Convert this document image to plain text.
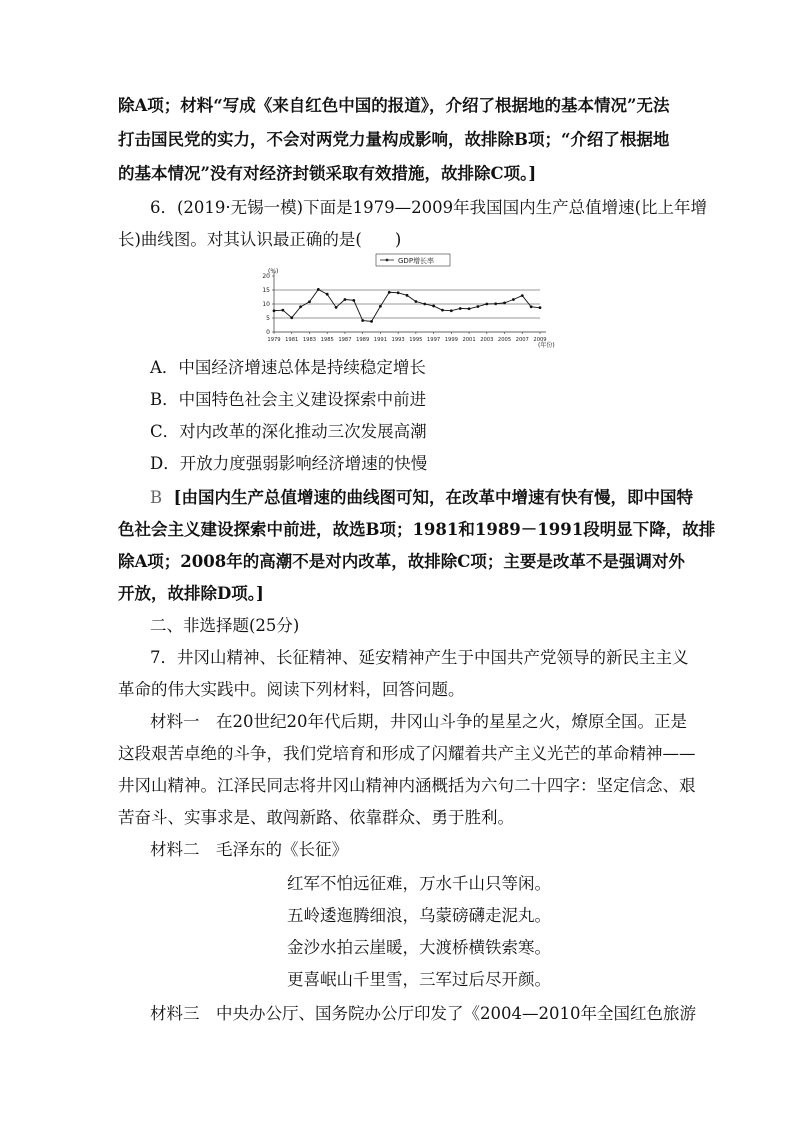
除A项；材料“写成《来自红色中国的报道》，介绍了根据地的基本情况”无法
打击国民党的实力，不会对两党力量构成影响，故排除B项；“介绍了根据地
的基本情况”没有对经济封锁采取有效措施，故排除C项。]
6．(2019·无锡一模)下面是1979—2009年我国国内生产总值增速(比上年增
长)曲线图。对其认识最正确的是(　　)
0
5
10
15
20
1979 1981 1983 1985 1987 1989 1991 1993 1995 1997 1999 2001 2003 2005 2007 2009
GDP增长率
(%)
(年份)
A．中国经济增速总体是持续稳定增长
B．中国特色社会主义建设探索中前进
C．对内改革的深化推动三次发展高潮
D．开放力度强弱影响经济增速的快慢
B [由国内生产总值增速的曲线图可知，在改革中增速有快有慢，即中国特
色社会主义建设探索中前进，故选B项；1981和1989－1991段明显下降，故排
除A项；2008年的高潮不是对内改革，故排除C项；主要是改革不是强调对外
开放，故排除D项。]
二、非选择题(25分)
7．井冈山精神、长征精神、延安精神产生于中国共产党领导的新民主主义
革命的伟大实践中。阅读下列材料，回答问题。
材料一　在20世纪20年代后期，井冈山斗争的星星之火，燎原全国。正是
这段艰苦卓绝的斗争，我们党培育和形成了闪耀着共产主义光芒的革命精神——
井冈山精神。江泽民同志将井冈山精神内涵概括为六句二十四字：坚定信念、艰
苦奋斗、实事求是、敢闯新路、依靠群众、勇于胜利。
材料二　毛泽东的《长征》
红军不怕远征难，万水千山只等闲。
五岭逶迤腾细浪，乌蒙磅礴走泥丸。
金沙水拍云崖暖，大渡桥横铁索寒。
更喜岷山千里雪，三军过后尽开颜。
材料三　中央办公厅、国务院办公厅印发了《2004—2010年全国红色旅游
